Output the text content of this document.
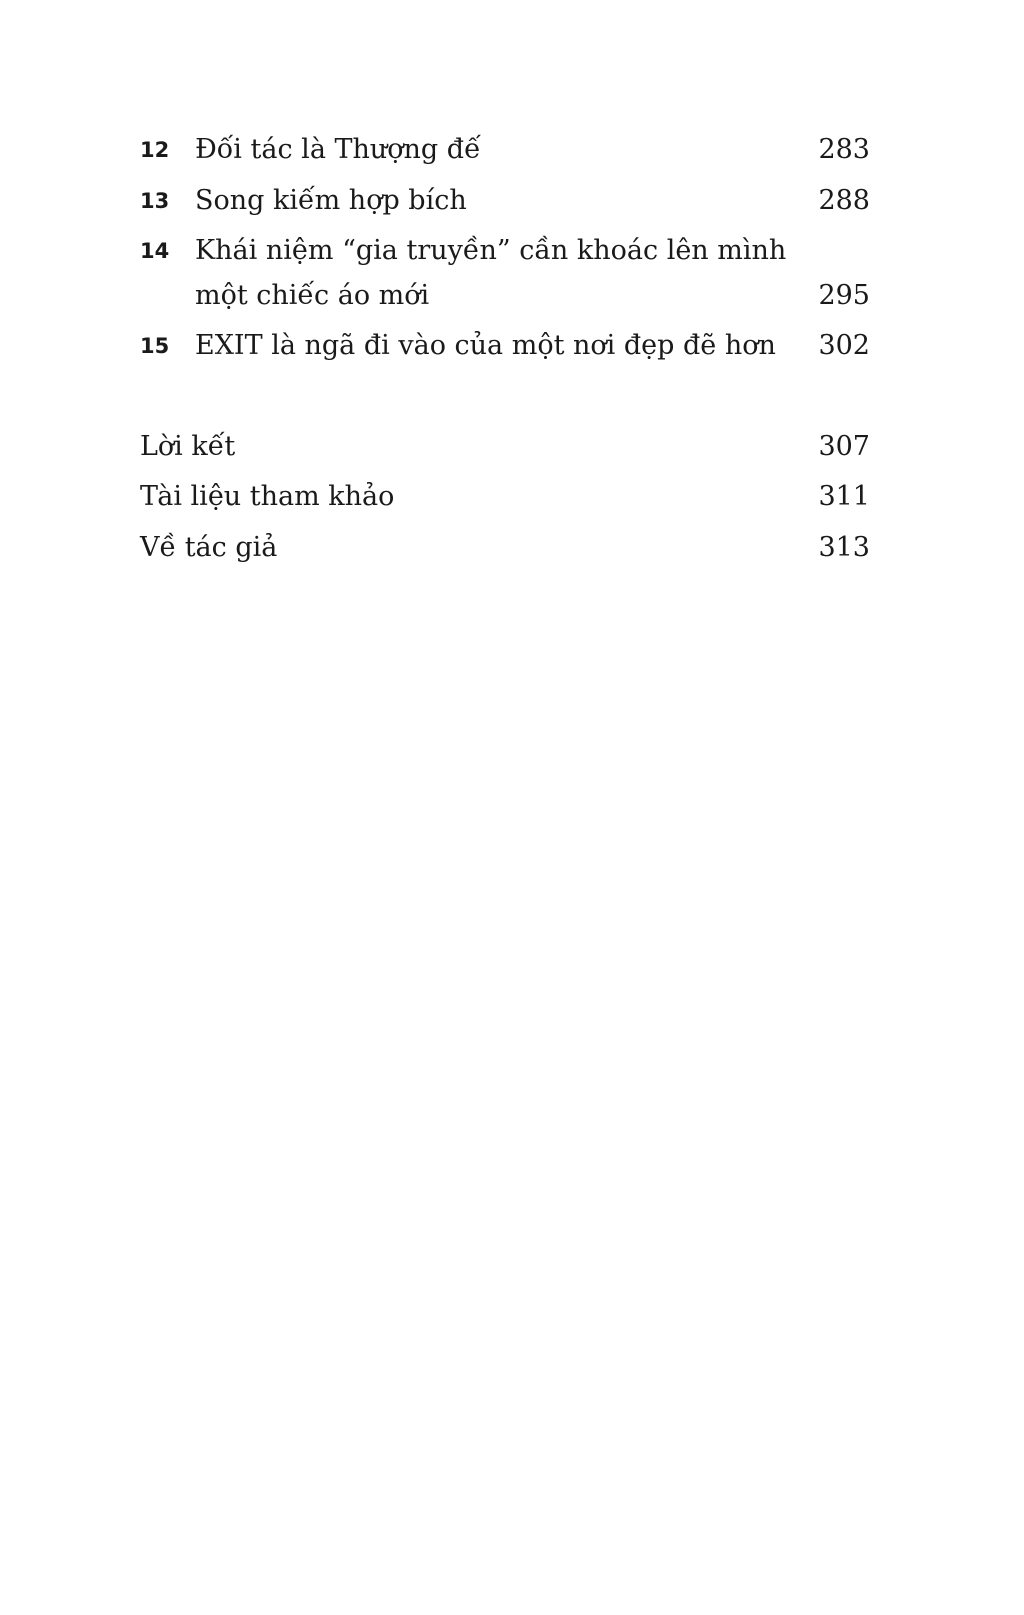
12 Đối tác là Thượng đế	283
13 Song kiếm hợp bích	288
14 Khái niệm “gia truyền” cần khoác lên mình
một chiếc áo mới	295
15 EXIT là ngã đi vào của một nơi đẹp đẽ hơn 302
Lời kết	307
Tài liệu tham khảo	311
Về tác giả	313
